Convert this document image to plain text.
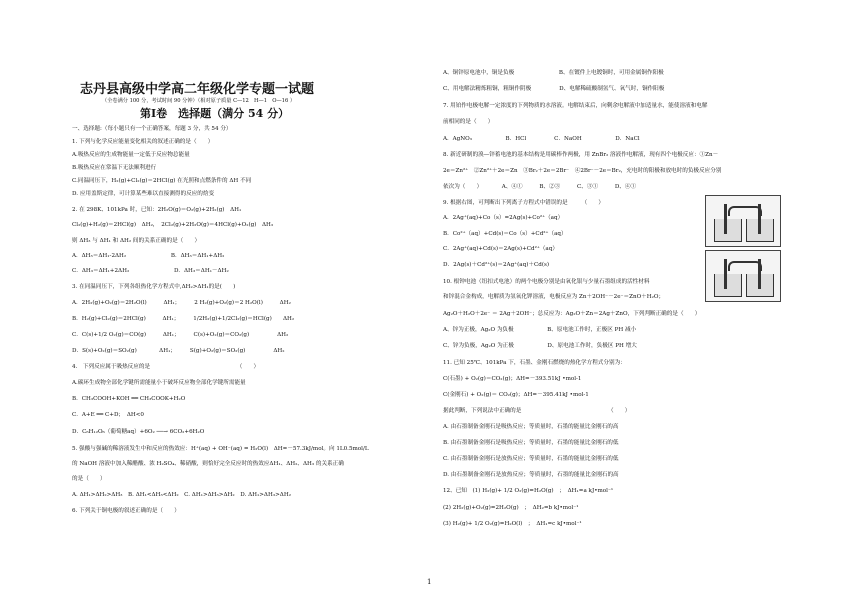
志丹县高级中学高二年级化学专题一试题
（全卷满分 100 分，考试时间 90 分钟）（相对原子质量 C—12　H—1　O—16 ）
第Ⅰ卷　选择题（满分 54 分）
一、选择题:（每小题只有一个正确答案，每题 3 分，共 54 分）
1. 下列与化学反应能量变化相关的叙述正确的是（　　）
A.吸热反应的生成物能量一定低于反应物总能量
B.吸热反应在常温下无法顺利进行
C.同温同压下，H₂(g)+Cl₂(g)＝2HCl(g) 在光照和点燃条件的 ΔH 不同
D. 应用盖斯定律，可计算某些难以直接测得的反应的焓变
2. 在 298K、101kPa 时，已知：2H₂O(g)＝O₂(g)+2H₂(g)　ΔH₁
Cl₂(g)+H₂(g)＝2HCl(g)　ΔH₂，　2Cl₂(g)+2H₂O(g)＝4HCl(g)+O₂(g)　ΔH₃
则 ΔH₃ 与 ΔH₁ 和 ΔH₂ 间的关系正确的是（　　）
A．ΔH₃＝ΔH₁-2ΔH₂　　　　　　　　B．ΔH₃＝ΔH₁+ΔH₂
C．ΔH₃＝ΔH₁+2ΔH₂　　　　　　　　D．ΔH₃＝ΔH₁－ΔH₂
3. 在同温同压下，下列各组热化学方程式中,ΔH₂>ΔH₁的是(　　)
A．2H₂(g)+O₂(g)＝2H₂O(l)　　　ΔH₁；　　　2 H₂(g)+O₂(g)＝2 H₂O(l)　　　ΔH₂
B．H₂(g)+Cl₂(g)＝2HCl(g)　　　ΔH₁；　　　1/2H₂(g)+1/2Cl₂(g)＝HCl(g)　　ΔH₂
C．C(s)+1/2 O₂(g)＝CO(g)　　　ΔH₁；　　　C(s)+O₂(g)＝CO₂(g)　　　　　ΔH₂
D．S(s)+O₂(g)＝SO₂(g)　　　　ΔH₁；　　　S(g)+O₂(g)＝SO₂(g)　　　　　ΔH₂
4.　下列反应属于吸热反应的是　　　　　　　　　　　　　　　　（　　）
A.碳环生成物全部化学键所需能量小于破坏反应物全部化学键所需能量
B．CH₃COOH+KOH ══ CH₃COOK+H₂O
C．A+E ══ C+D；　ΔH<0
D．C₆H₁₂O₆（葡萄糖aq）+6O₂ ──→ 6CO₂+6H₂O
5. 强酸与强碱的稀溶液发生中和反应的热效应：H⁺(aq) + OH⁻(aq) = H₂O(l)　ΔH=－57.3kJ/mol。向 1L0.5mol/L
的 NaOH 溶液中加入稀醋酸、浓 H₂SO₄、稀硝酸，则恰好完全反应时的热效应ΔH₁、ΔH₂、ΔH₃ 的关系正确
的是（　　）
A. ΔH₁>ΔH₂>ΔH₃　B. ΔH₁<ΔH₃<ΔH₂　C. ΔH₁>ΔH₃>ΔH₂　D. ΔH₁>ΔH₃>ΔH₂
6. 下列关于铜电极的叙述正确的是（　　）
A、铜锌原电池中，铜是负极　　　　　　　　B、在镀件上电镀铜时，可用金属铜作阳极
C、用电解法精炼粗铜，粗铜作阴极　　　　　D、电解稀硫酸制氢气、氧气时，铜作阳极
7. 用铂作电极电解一定浓度的下列物质的水溶液。电解结束后，向剩余电解液中加适量水，能使溶液和电解
前相同的是（　　）
A．AgNO₃　　　　　　B．HCl　　　　　C．NaOH　　　　　　D．NaCl
8. 新近研制的溴—锌蓄电池的基本结构是用碳棒作两极，用 ZnBr₂ 溶液作电解液，现有四个电极反应：①Zn－
2e＝Zn²⁺　②Zn²⁺＋2e＝Zn　③Br₂＋2e＝2Br⁻　④2Br⁻－2e＝Br₂，充电时的阳极和放电时的负极反应分别
依次为（　　）　　　　A、④①　　　B、②③　　　C、③①　　　D、④①
9. 根据右图，可判断出下列离子方程式中错误的是　　　（　　）
A．2Ag⁺(aq)+Co（s）=2Ag(s)+Co²⁺（aq）
B．Co²⁺（aq）+Cd(s)＝Co（s）+Cd²⁺（aq）
C．2Ag⁺(aq)+Cd(s)＝2Ag(s)+Cd²⁺（aq）
D．2Ag(s)＋Cd²⁺(s)＝2Ag⁺(aq)＋Cd(s)
10. 根钟电池（纽扣式电池）的两个电极分别是由氧化银与少量石墨组成的活性材料
和锌混合金构成，电解质为氢氧化钾溶液，电极反应为 Zn＋2OH⁻－2e⁻＝ZnO＋H₂O；
Ag₂O＋H₂O＋2e⁻ ＝ 2Ag＋2OH⁻；总反应为：Ag₂O＋Zn＝2Ag＋ZnO，下列判断正确的是（　　）
A、锌为正极，Ag₂O 为负极　　　　　　B、原电池工作时，正极区 PH 减小
C、锌为负极，Ag₂O 为正极　　　　　　D、原电池工作时，负极区 PH 增大
11. 已知 25℃、101kPa 下，石墨、金刚石燃烧的热化学方程式分别为：
C(石墨) + O₂(g)＝CO₂(g)；ΔH=－393.51kJ •mol-1
C(金刚石) + O₂(g)＝ CO₂(g)；ΔH=－395.41kJ •mol-1
据此判断，下列说法中正确的是　　　　　　　　　　　　　　　　（　　）
A. 由石墨制备金刚石是吸热反应；等质量时，石墨的能量比金刚石的高
B. 由石墨制备金刚石是吸热反应；等质量时，石墨的能量比金刚石的低
C. 由石墨制备金刚石是放热反应；等质量时，石墨的能量比金刚石的低
D. 由石墨制备金刚石是放热反应；等质量时，石墨的能量比金刚石的高
12、已知　(1) H₂(g)+ 1/2 O₂(g)=H₂O(g)　；　ΔH₁=a kJ•mol⁻¹
(2) 2H₂(g)+O₂(g)=2H₂O(g)　；　ΔH₂=b kJ•mol⁻¹
(3) H₂(g)+ 1/2 O₂(g)=H₂O(l)　；　ΔH₁=c kJ•mol⁻¹
1
